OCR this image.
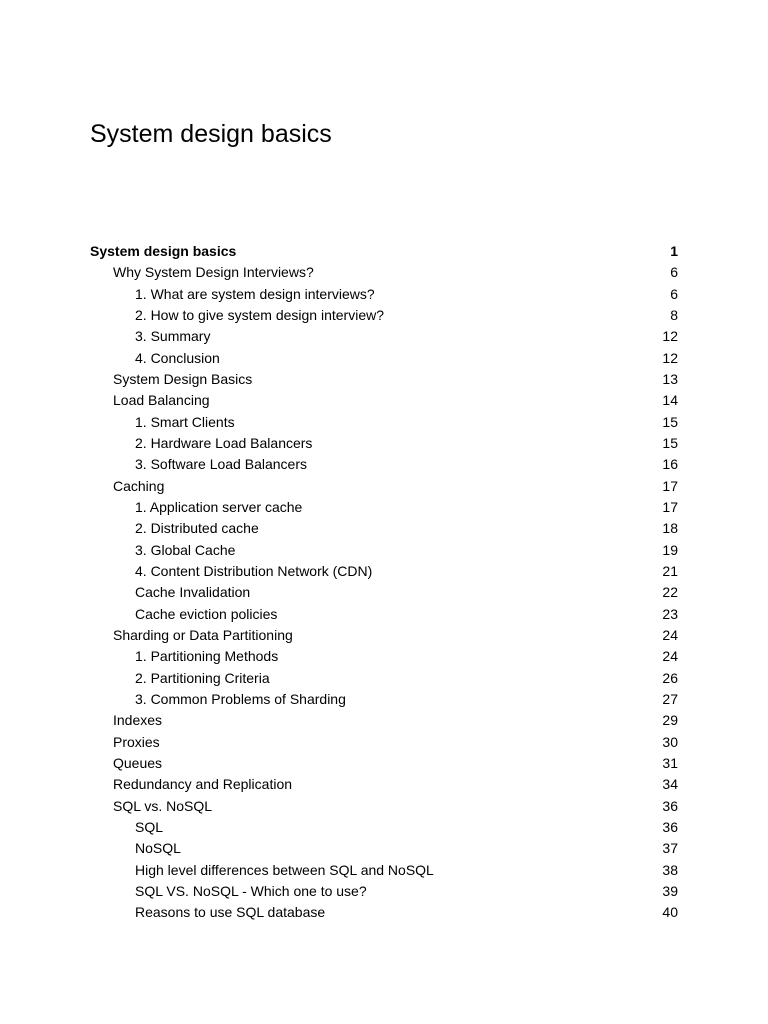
System design basics
System design basics	1
Why System Design Interviews?	6
1. What are system design interviews?	6
2. How to give system design interview?	8
3. Summary	12
4. Conclusion	12
System Design Basics	13
Load Balancing	14
1. Smart Clients	15
2. Hardware Load Balancers	15
3. Software Load Balancers	16
Caching	17
1. Application server cache	17
2. Distributed cache	18
3. Global Cache	19
4. Content Distribution Network (CDN)	21
Cache Invalidation	22
Cache eviction policies	23
Sharding or Data Partitioning	24
1. Partitioning Methods	24
2. Partitioning Criteria	26
3. Common Problems of Sharding	27
Indexes	29
Proxies	30
Queues	31
Redundancy and Replication	34
SQL vs. NoSQL	36
SQL	36
NoSQL	37
High level differences between SQL and NoSQL	38
SQL VS. NoSQL - Which one to use?	39
Reasons to use SQL database	40
